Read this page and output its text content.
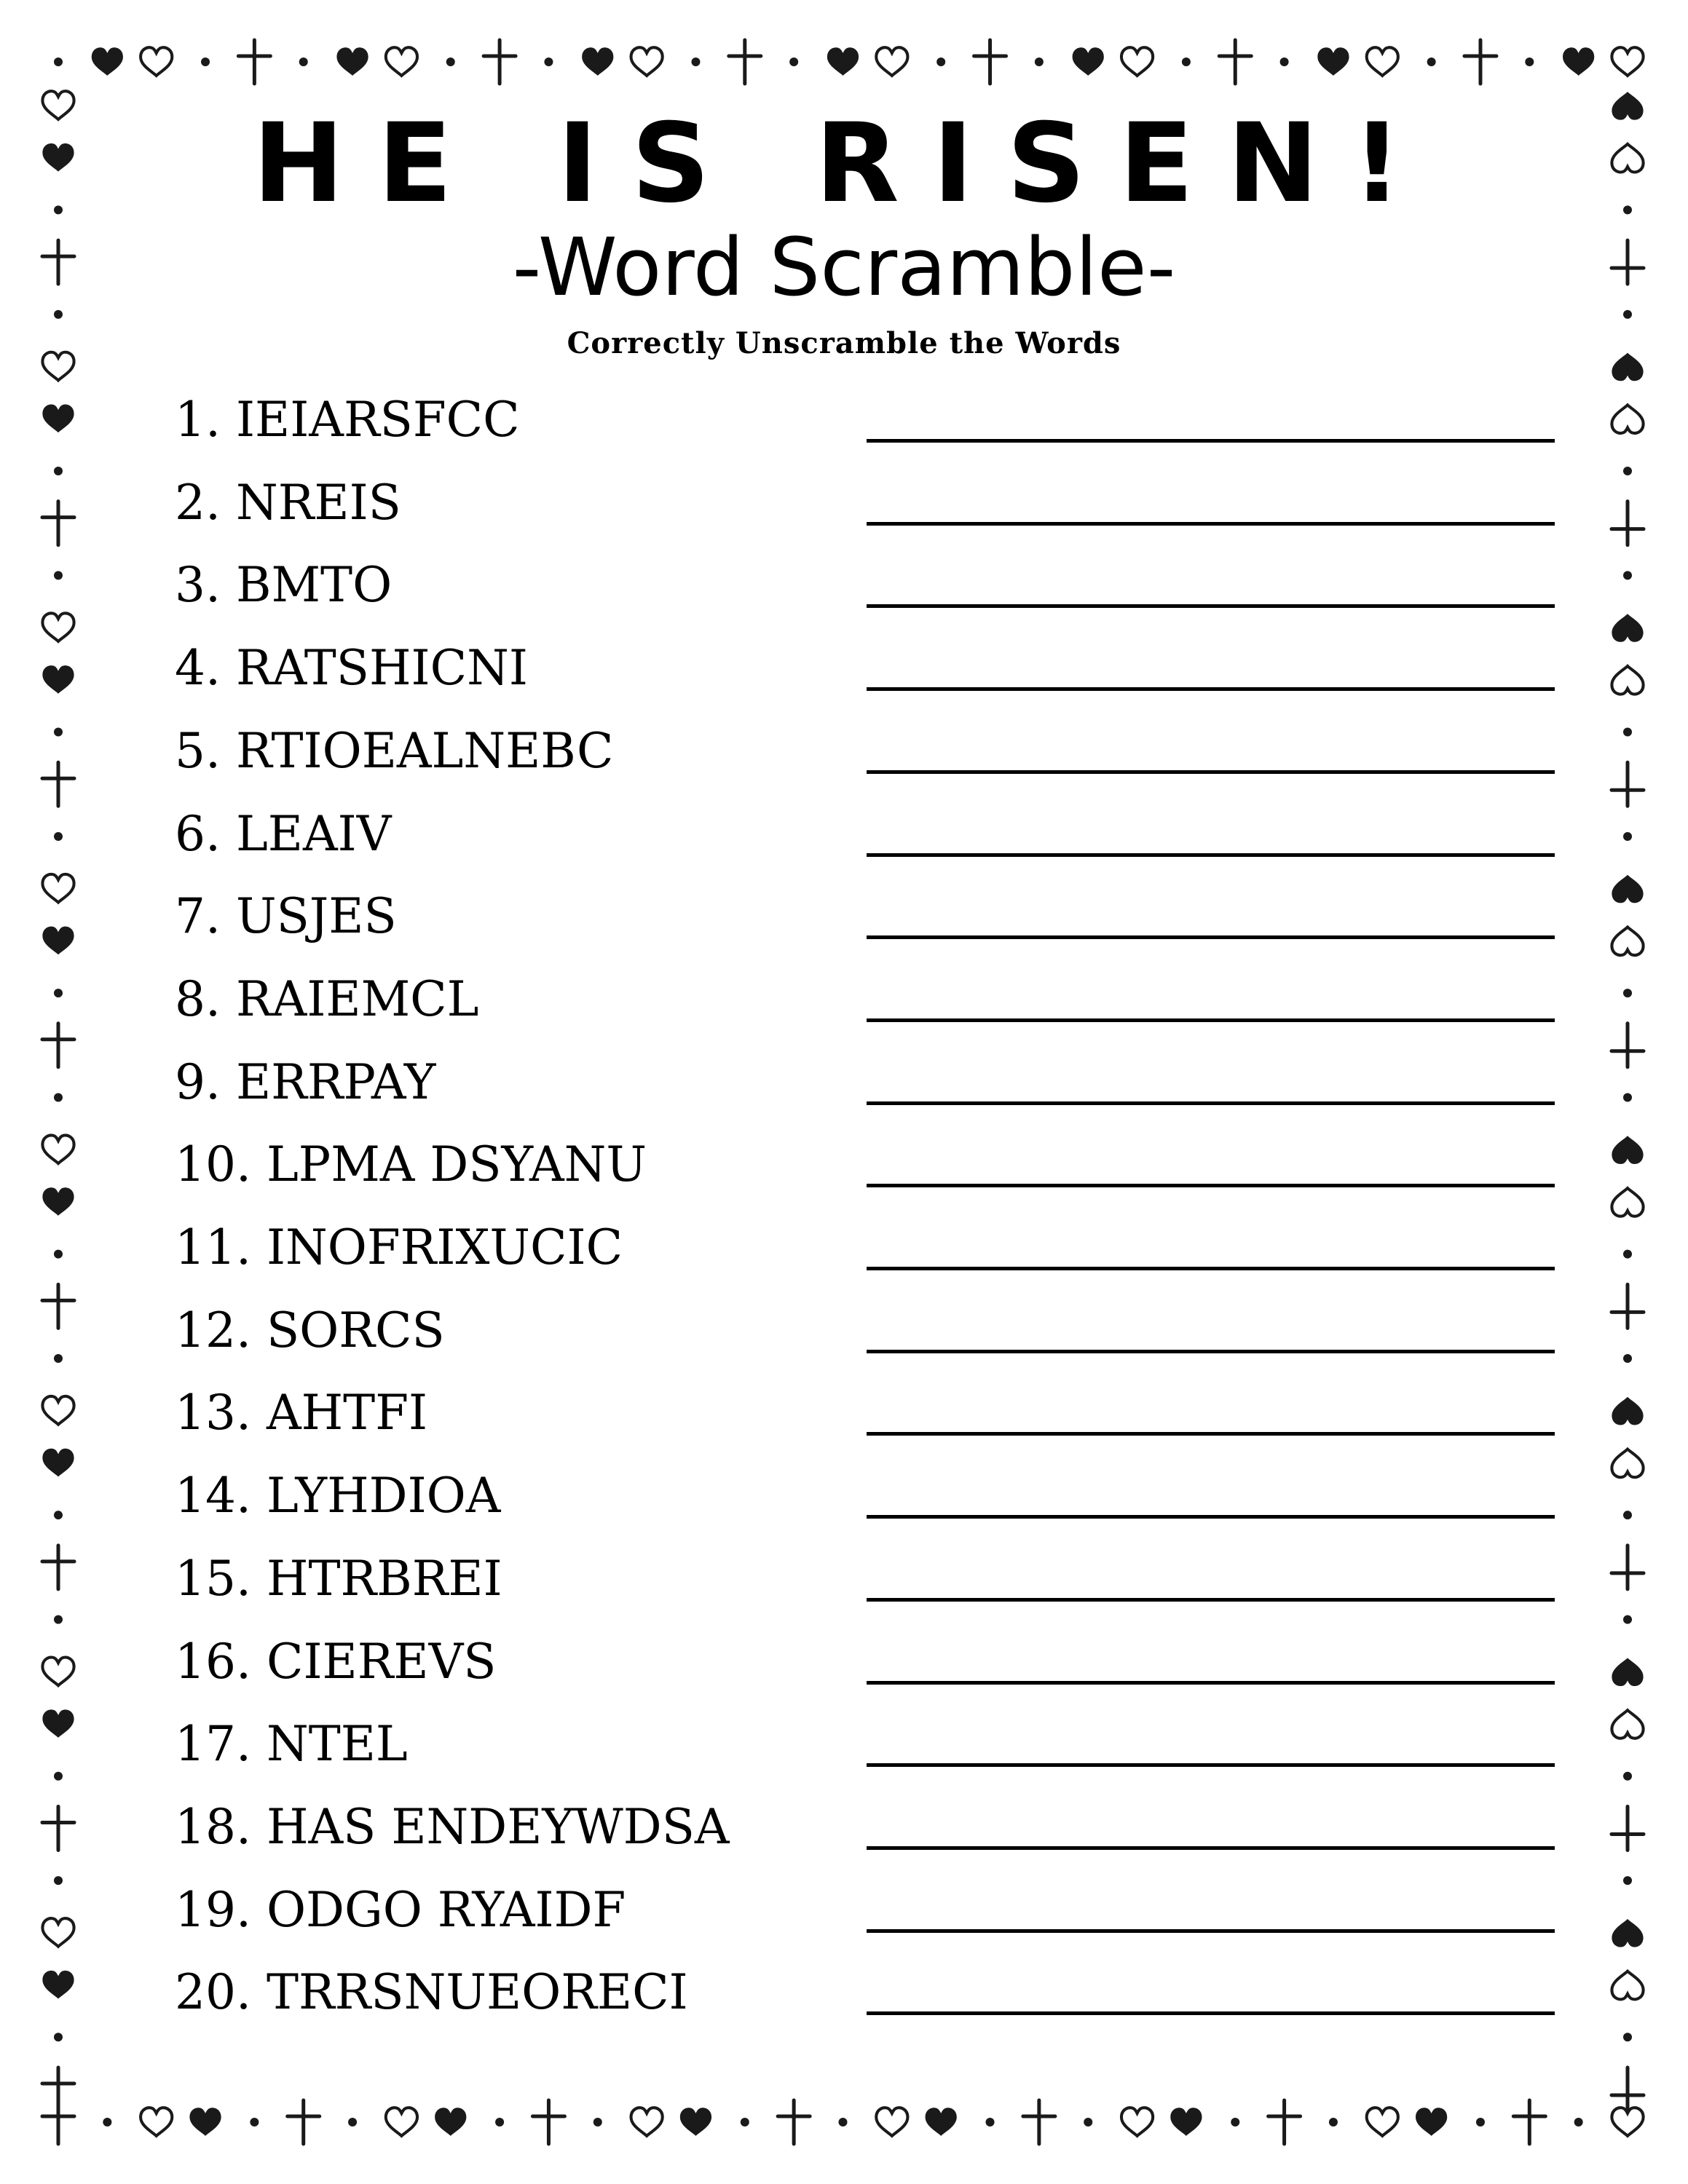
HE IS RISEN!
-Word Scramble-
Correctly Unscramble the Words
1. IEIARSFCC
2. NREIS
3. BMTO
4. RATSHICNI
5. RTIOEALNEBC
6. LEAIV
7. USJES
8. RAIEMCL
9. ERRPAY
10. LPMA DSYANU
11. INOFRIXUCIC
12. SORCS
13. AHTFI
14. LYHDIOA
15. HTRBREI
16. CIEREVS
17. NTEL
18. HAS ENDEYWDSA
19. ODGO RYAIDF
20. TRRSNUEORECI
